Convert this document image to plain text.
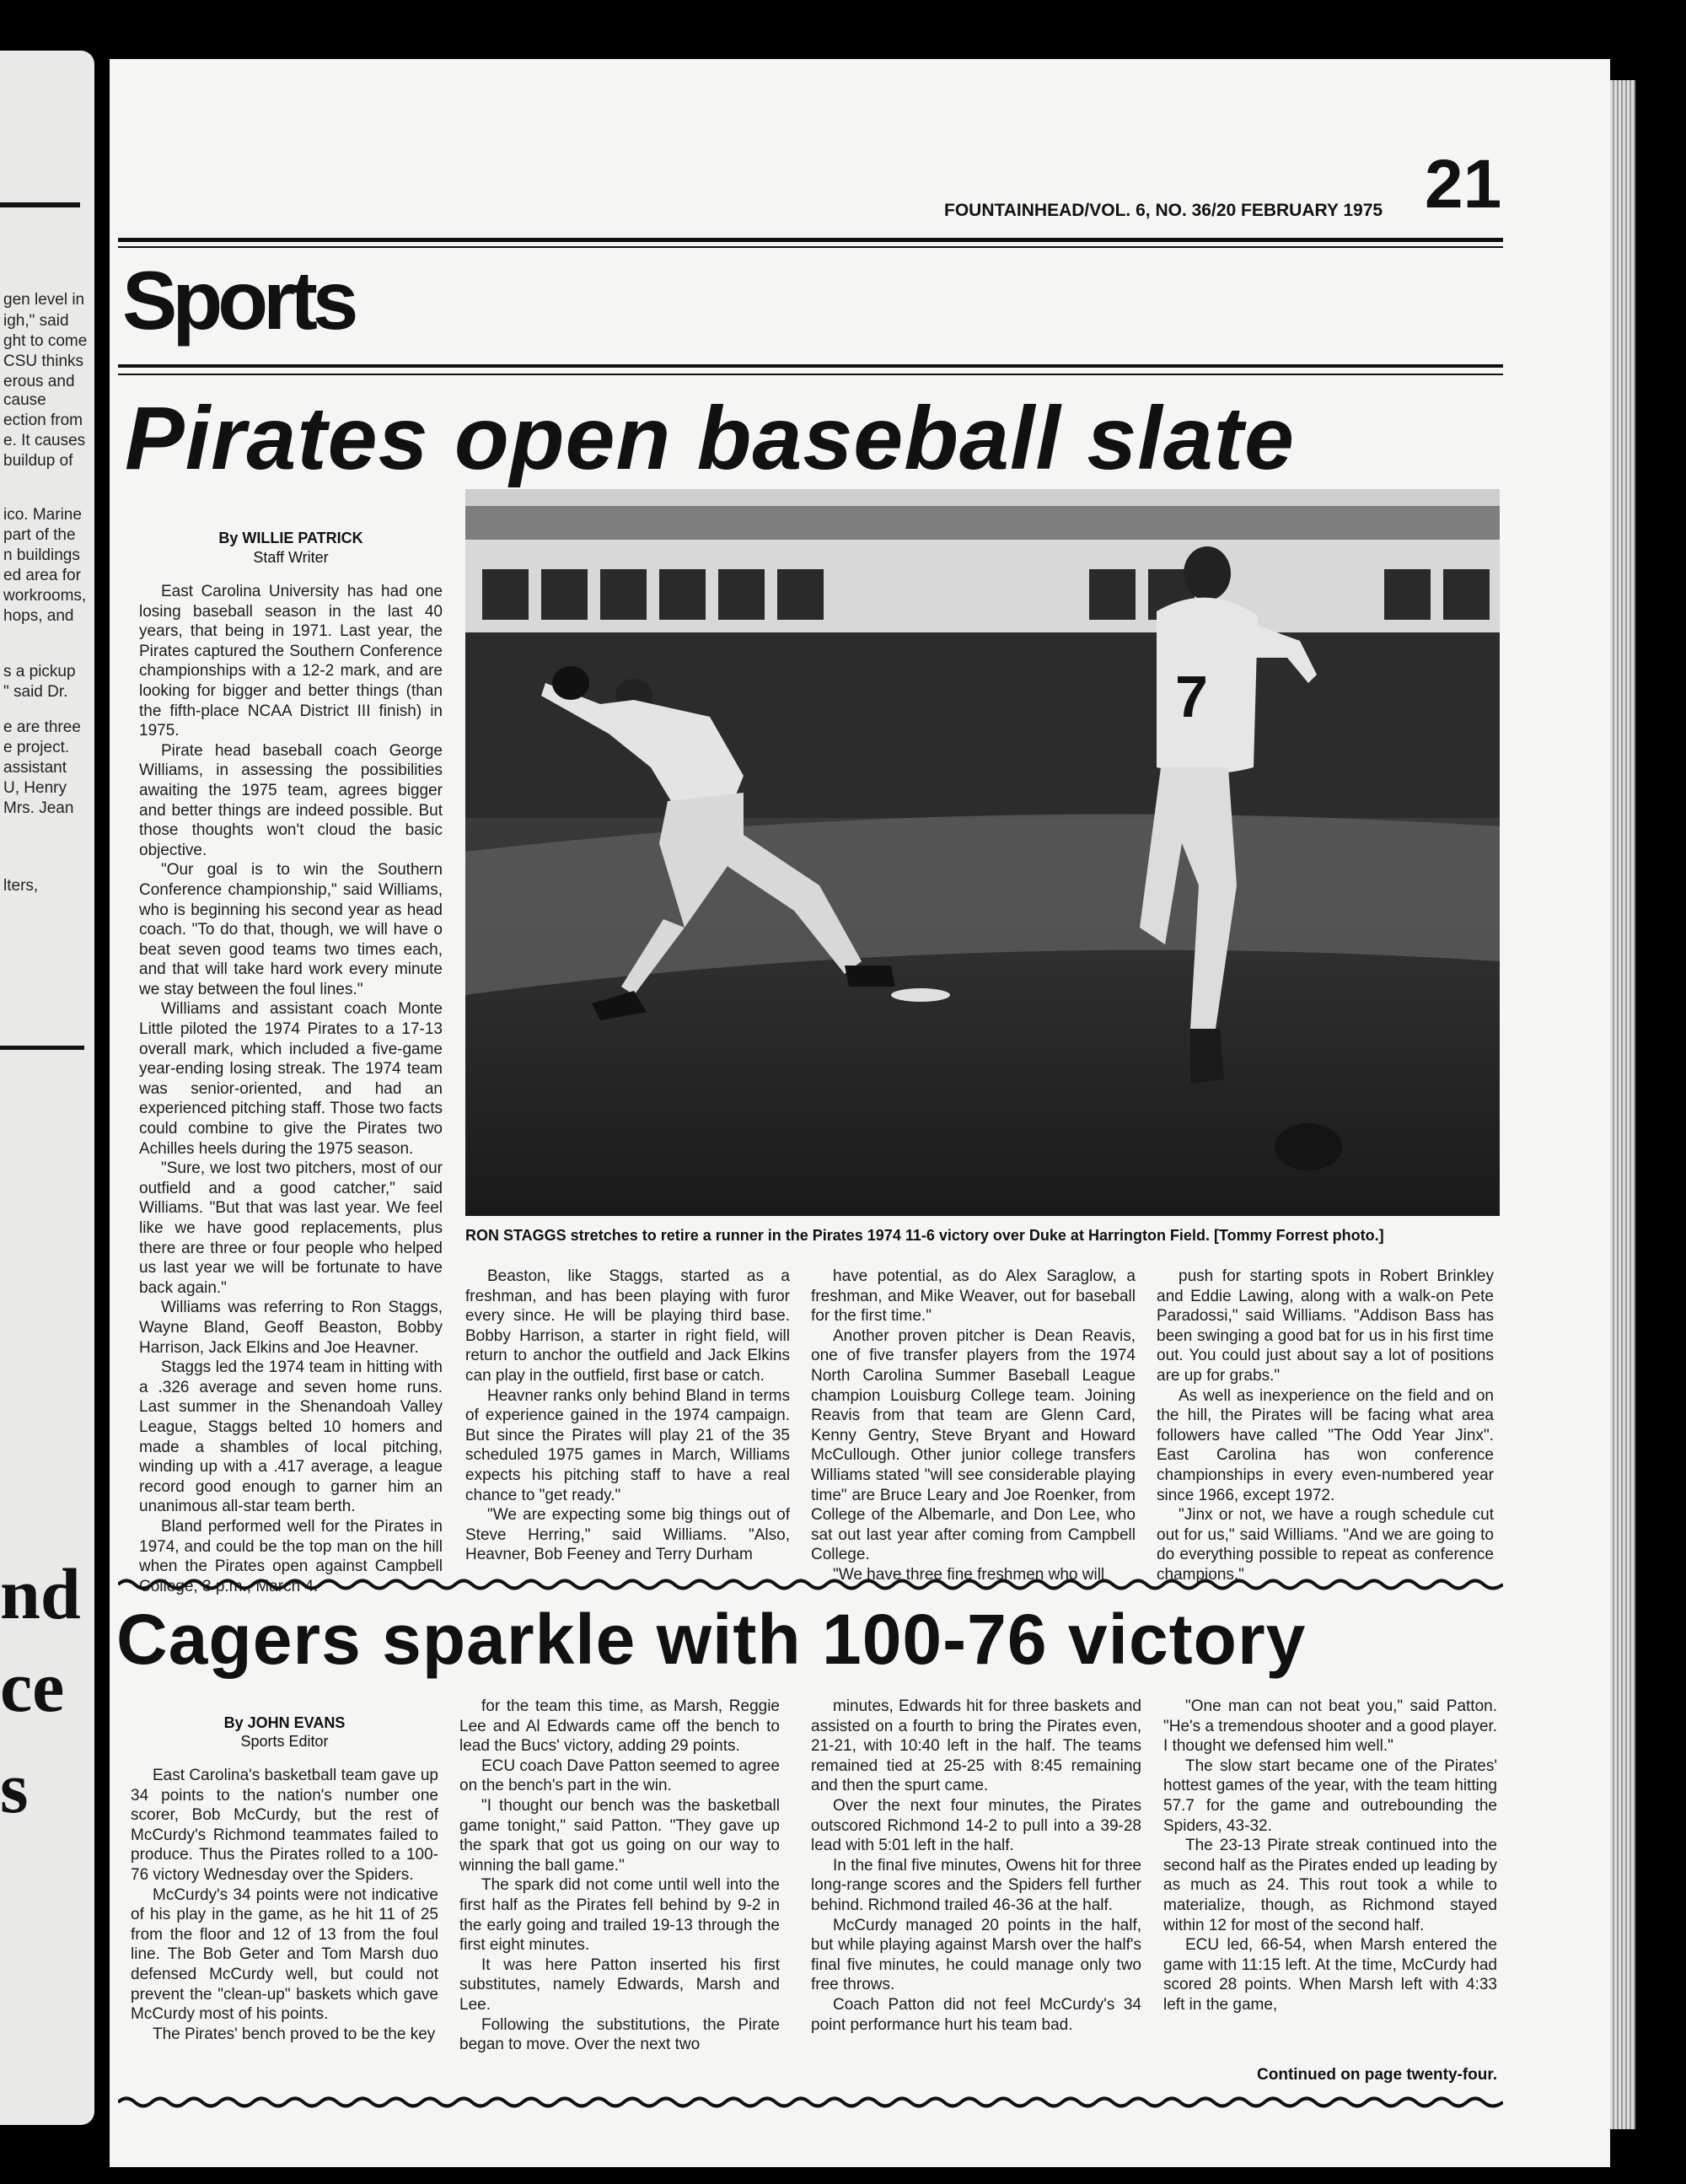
gen level in
igh," said
ght to come
CSU thinks
erous and
cause
ection from
e. It causes
buildup of
ico. Marine
part of the
n buildings
ed area for
workrooms,
hops, and
s a pickup
" said Dr.
e are three
e project.
assistant
U, Henry
Mrs. Jean
lters,
nd
ce
s
21
FOUNTAINHEAD/VOL. 6, NO. 36/20 FEBRUARY 1975
Sports
Pirates open baseball slate
By WILLIE PATRICK
Staff Writer

East Carolina University has had one losing baseball season in the last 40 years, that being in 1971. Last year, the Pirates captured the Southern Conference championships with a 12-2 mark, and are looking for bigger and better things (than the fifth-place NCAA District III finish) in 1975.

Pirate head baseball coach George Williams, in assessing the possibilities awaiting the 1975 team, agrees bigger and better things are indeed possible. But those thoughts won't cloud the basic objective.

"Our goal is to win the Southern Conference championship," said Williams, who is beginning his second year as head coach. "To do that, though, we will have o beat seven good teams two times each, and that will take hard work every minute we stay between the foul lines."

Williams and assistant coach Monte Little piloted the 1974 Pirates to a 17-13 overall mark, which included a five-game year-ending losing streak. The 1974 team was senior-oriented, and had an experienced pitching staff. Those two facts could combine to give the Pirates two Achilles heels during the 1975 season.

"Sure, we lost two pitchers, most of our outfield and a good catcher," said Williams. "But that was last year. We feel like we have good replacements, plus there are three or four people who helped us last year we will be fortunate to have back again."

Williams was referring to Ron Staggs, Wayne Bland, Geoff Beaston, Bobby Harrison, Jack Elkins and Joe Heavner.

Staggs led the 1974 team in hitting with a .326 average and seven home runs. Last summer in the Shenandoah Valley League, Staggs belted 10 homers and made a shambles of local pitching, winding up with a .417 average, a league record good enough to garner him an unanimous all-star team berth.

Bland performed well for the Pirates in 1974, and could be the top man on the hill when the Pirates open against Campbell College, 3 p.m., March 4.

7
RON STAGGS stretches to retire a runner in the Pirates 1974 11-6 victory over Duke at Harrington Field. [Tommy Forrest photo.]

Beaston, like Staggs, started as a freshman, and has been playing with furor every since. He will be playing third base. Bobby Harrison, a starter in right field, will return to anchor the outfield and Jack Elkins can play in the outfield, first base or catch.

Heavner ranks only behind Bland in terms of experience gained in the 1974 campaign. But since the Pirates will play 21 of the 35 scheduled 1975 games in March, Williams expects his pitching staff to have a real chance to "get ready."

"We are expecting some big things out of Steve Herring," said Williams. "Also, Heavner, Bob Feeney and Terry Durham

have potential, as do Alex Saraglow, a freshman, and Mike Weaver, out for baseball for the first time."

Another proven pitcher is Dean Reavis, one of five transfer players from the 1974 North Carolina Summer Baseball League champion Louisburg College team. Joining Reavis from that team are Glenn Card, Kenny Gentry, Steve Bryant and Howard McCullough. Other junior college transfers Williams stated "will see considerable playing time" are Bruce Leary and Joe Roenker, from College of the Albemarle, and Don Lee, who sat out last year after coming from Campbell College.

"We have three fine freshmen who will

push for starting spots in Robert Brinkley and Eddie Lawing, along with a walk-on Pete Paradossi," said Williams. "Addison Bass has been swinging a good bat for us in his first time out. You could just about say a lot of positions are up for grabs."

As well as inexperience on the field and on the hill, the Pirates will be facing what area followers have called "The Odd Year Jinx". East Carolina has won conference championships in every even-numbered year since 1966, except 1972.

"Jinx or not, we have a rough schedule cut out for us," said Williams. "And we are going to do everything possible to repeat as conference champions."

Cagers sparkle with 100-76 victory
By JOHN EVANS
Sports Editor

East Carolina's basketball team gave up 34 points to the nation's number one scorer, Bob McCurdy, but the rest of McCurdy's Richmond teammates failed to produce. Thus the Pirates rolled to a 100-76 victory Wednesday over the Spiders.

McCurdy's 34 points were not indicative of his play in the game, as he hit 11 of 25 from the floor and 12 of 13 from the foul line. The Bob Geter and Tom Marsh duo defensed McCurdy well, but could not prevent the "clean-up" baskets which gave McCurdy most of his points.

The Pirates' bench proved to be the key

for the team this time, as Marsh, Reggie Lee and Al Edwards came off the bench to lead the Bucs' victory, adding 29 points.

ECU coach Dave Patton seemed to agree on the bench's part in the win.

"I thought our bench was the basketball game tonight," said Patton. "They gave up the spark that got us going on our way to winning the ball game."

The spark did not come until well into the first half as the Pirates fell behind by 9-2 in the early going and trailed 19-13 through the first eight minutes.

It was here Patton inserted his first substitutes, namely Edwards, Marsh and Lee.

Following the substitutions, the Pirate began to move. Over the next two

minutes, Edwards hit for three baskets and assisted on a fourth to bring the Pirates even, 21-21, with 10:40 left in the half. The teams remained tied at 25-25 with 8:45 remaining and then the spurt came.

Over the next four minutes, the Pirates outscored Richmond 14-2 to pull into a 39-28 lead with 5:01 left in the half.

In the final five minutes, Owens hit for three long-range scores and the Spiders fell further behind. Richmond trailed 46-36 at the half.

McCurdy managed 20 points in the half, but while playing against Marsh over the half's final five minutes, he could manage only two free throws.

Coach Patton did not feel McCurdy's 34 point performance hurt his team bad.

"One man can not beat you," said Patton. "He's a tremendous shooter and a good player. I thought we defensed him well."

The slow start became one of the Pirates' hottest games of the year, with the team hitting 57.7 for the game and outrebounding the Spiders, 43-32.

The 23-13 Pirate streak continued into the second half as the Pirates ended up leading by as much as 24. This rout took a while to materialize, though, as Richmond stayed within 12 for most of the second half.

ECU led, 66-54, when Marsh entered the game with 11:15 left. At the time, McCurdy had scored 28 points. When Marsh left with 4:33 left in the game,

Continued on page twenty-four.
